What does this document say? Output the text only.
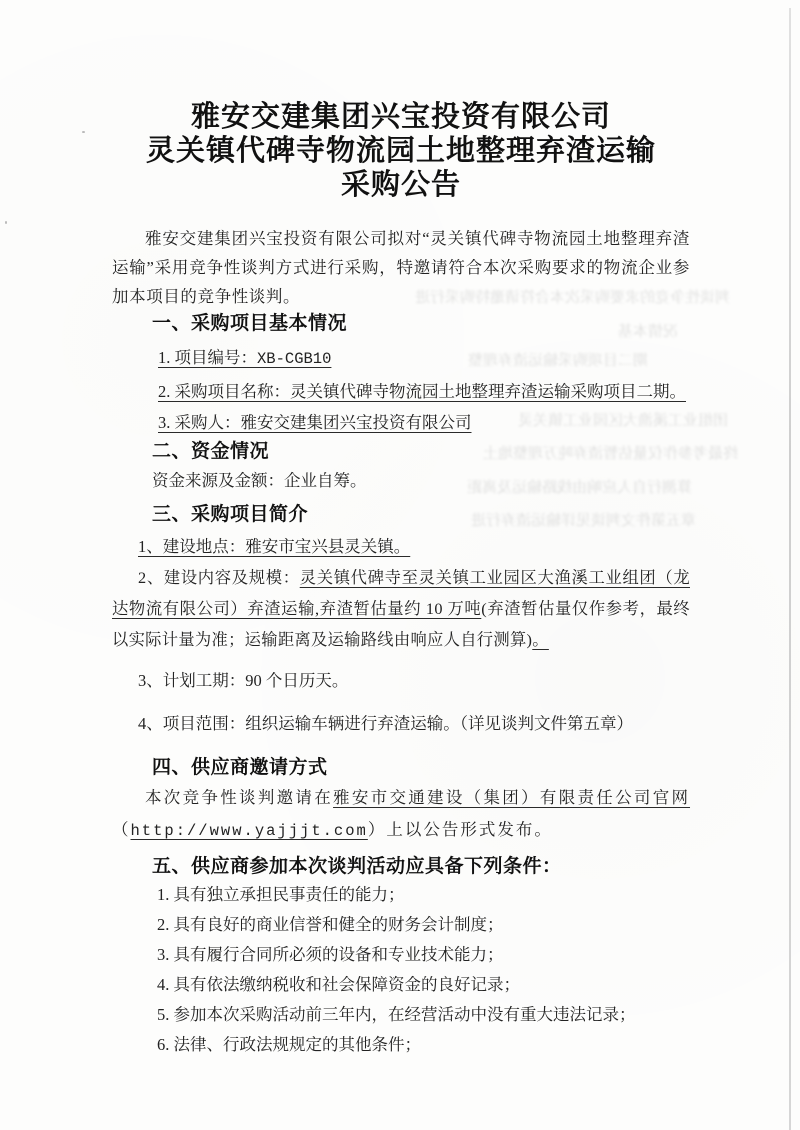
判谈性争竞的求要购采次本合符请邀特购采行进
况情本基
期二目项购采输运渣弃理整
团组业工溪渔大区园业工镇关灵
终最考参作仅量估暂渣弃吨万理整地土
算测行自人应响由线路输运及离距
章五第件文判谈见详输运渣弃行进
雅安交建集团兴宝投资有限公司
灵关镇代碑寺物流园土地整理弃渣运输
采购公告

雅安交建集团兴宝投资有限公司拟对“灵关镇代碑寺物流园土地整理弃渣运输”采用竞争性谈判方式进行采购，特邀请符合本次采购要求的物流企业参加本项目的竞争性谈判。

一、采购项目基本情况
1. 项目编号：XB-CGB10
2. 采购项目名称：灵关镇代碑寺物流园土地整理弃渣运输采购项目二期。
3. 采购人：雅安交建集团兴宝投资有限公司
二、资金情况
资金来源及金额：企业自筹。
三、采购项目简介
1、建设地点：雅安市宝兴县灵关镇。

2、建设内容及规模：灵关镇代碑寺至灵关镇工业园区大渔溪工业组团（龙达物流有限公司）弃渣运输,弃渣暂估量约 10 万吨(弃渣暂估量仅作参考，最终以实际计量为准；运输距离及运输路线由响应人自行测算)。

3、计划工期：90 个日历天。
4、项目范围：组织运输车辆进行弃渣运输。（详见谈判文件第五章）
四、供应商邀请方式

本次竞争性谈判邀请在雅安市交通建设（集团）有限责任公司官网（http://www.yajjjt.com）上以公告形式发布。

五、供应商参加本次谈判活动应具备下列条件：
1. 具有独立承担民事责任的能力；
2. 具有良好的商业信誉和健全的财务会计制度；
3. 具有履行合同所必须的设备和专业技术能力；
4. 具有依法缴纳税收和社会保障资金的良好记录；
5. 参加本次采购活动前三年内，在经营活动中没有重大违法记录；
6. 法律、行政法规规定的其他条件；
